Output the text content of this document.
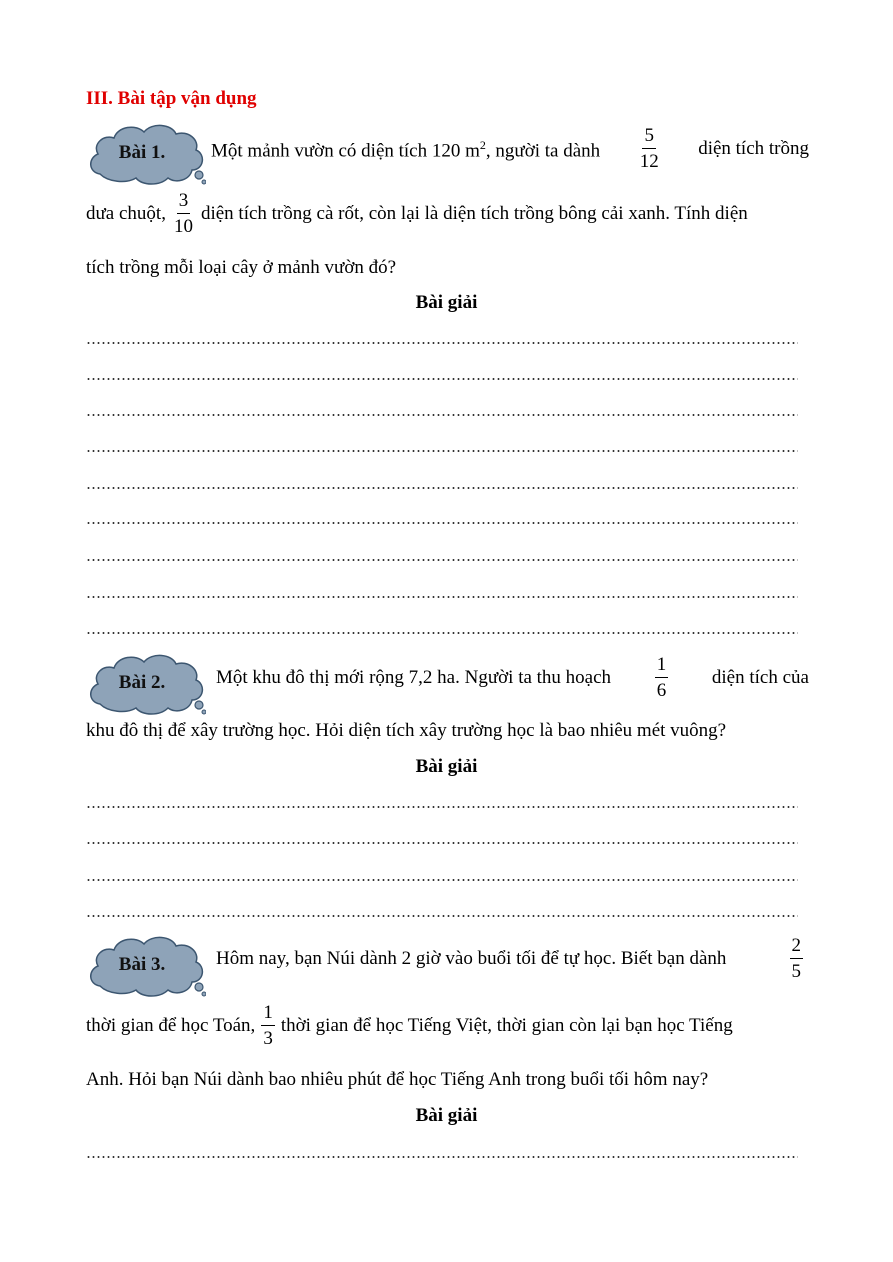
III. Bài tập vận dụng
Bài 1.	Một mảnh vườn có diện tích 120 $m^2$, người ta dành $\frac{5}{12}$ diện tích trồng
dưa chuột, $\frac{3}{10}$ diện tích trồng cà rốt, còn lại là diện tích trồng bông cải xanh. Tính diện
tích trồng mỗi loại cây ở mảnh vườn đó?
Bài giải
Bài 2.	Một khu đô thị mới rộng 7,2 ha. Người ta thu hoạch $\frac{1}{6}$ diện tích của
khu đô thị để xây trường học. Hỏi diện tích xây trường học là bao nhiêu mét vuông?
Bài giải
Bài 3.	Hôm nay, bạn Núi dành 2 giờ vào buổi tối để tự học. Biết bạn dành	$\frac{2}{5}$
thời gian để học Toán, $\frac{1}{3}$ thời gian để học Tiếng Việt, thời gian còn lại bạn học Tiếng
Anh. Hỏi bạn Núi dành bao nhiêu phút để học Tiếng Anh trong buổi tối hôm nay?
Bài giải
